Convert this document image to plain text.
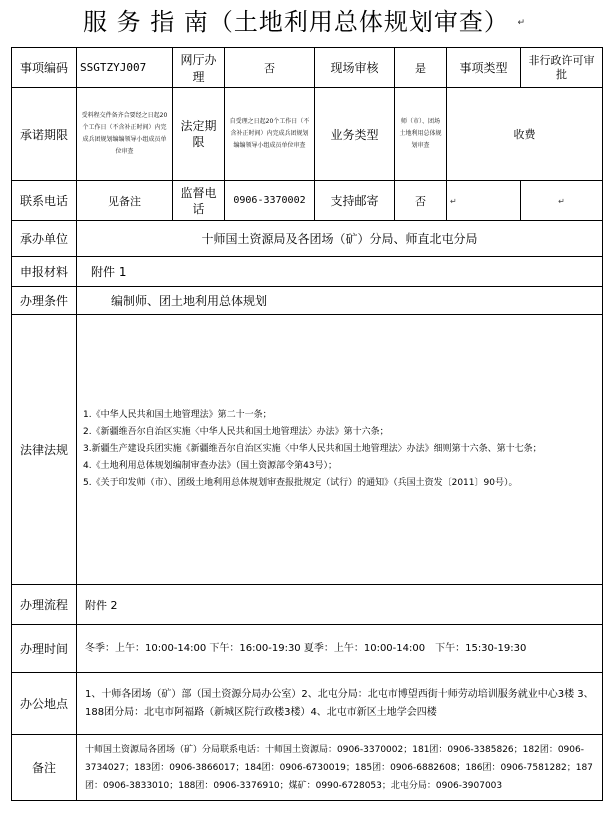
服 务 指 南（土地利用总体规划审查） ↵
事项编码	SSGTZYJ007	网厅办理	否	现场审核	是	事项类型	非行政许可审批
承诺期限	受料程交件备齐合要经之日起20个工作日（不含补正时间）内完成兵团规划编编领导小组成员单位审查	法定期限	自受理之日起20个工作日（不含补正时间）内完成兵团规划编编领导小组成员单位审查	业务类型	师（市）、团场土地利用总体规划审查	收费	
联系电话	见备注	监督电话	0906-3370002	支持邮寄	否	↵	↵
承办单位	十师国土资源局及各团场（矿）分局、师直北屯分局						
申报材料	附件 1						
办理条件	编制师、团土地利用总体规划						
法律法规	1.《中华人民共和国土地管理法》第二十一条；

2.《新疆维吾尔自治区实施〈中华人民共和国土地管理法〉办法》第十六条；

3.新疆生产建设兵团实施《新疆维吾尔自治区实施〈中华人民共和国土地管理法〉办法》细则第十六条、第十七条；

4.《土地利用总体规划编制审查办法》（国土资源部令第43号）；

5.《关于印发师（市）、团级土地利用总体规划审查报批规定（试行）的通知》（兵国土资发〔2011〕90号）。						

办理流程	附件 2						
办理时间	冬季：上午：10:00-14:00 下午：16:00-19:30 夏季：上午：10:00-14:00　下午：15:30-19:30						
办公地点	1、十师各团场（矿）部（国土资源分局办公室）2、北屯分局：北屯市博望西街十师劳动培训服务就业中心3楼 3、188团分局：北屯市阿福路（新城区院行政楼3楼）4、北屯市新区土地学会四楼						
备注	十师国土资源局各团场（矿）分局联系电话：十师国土资源局：0906-3370002；181团：0906-3385826；182团：0906-3734027；183团：0906-3866017；184团：0906-6730019；185团：0906-6882608；186团：0906-7581282；187团：0906-3833010；188团：0906-3376910；煤矿：0990-6728053；北屯分局：0906-3907003						
